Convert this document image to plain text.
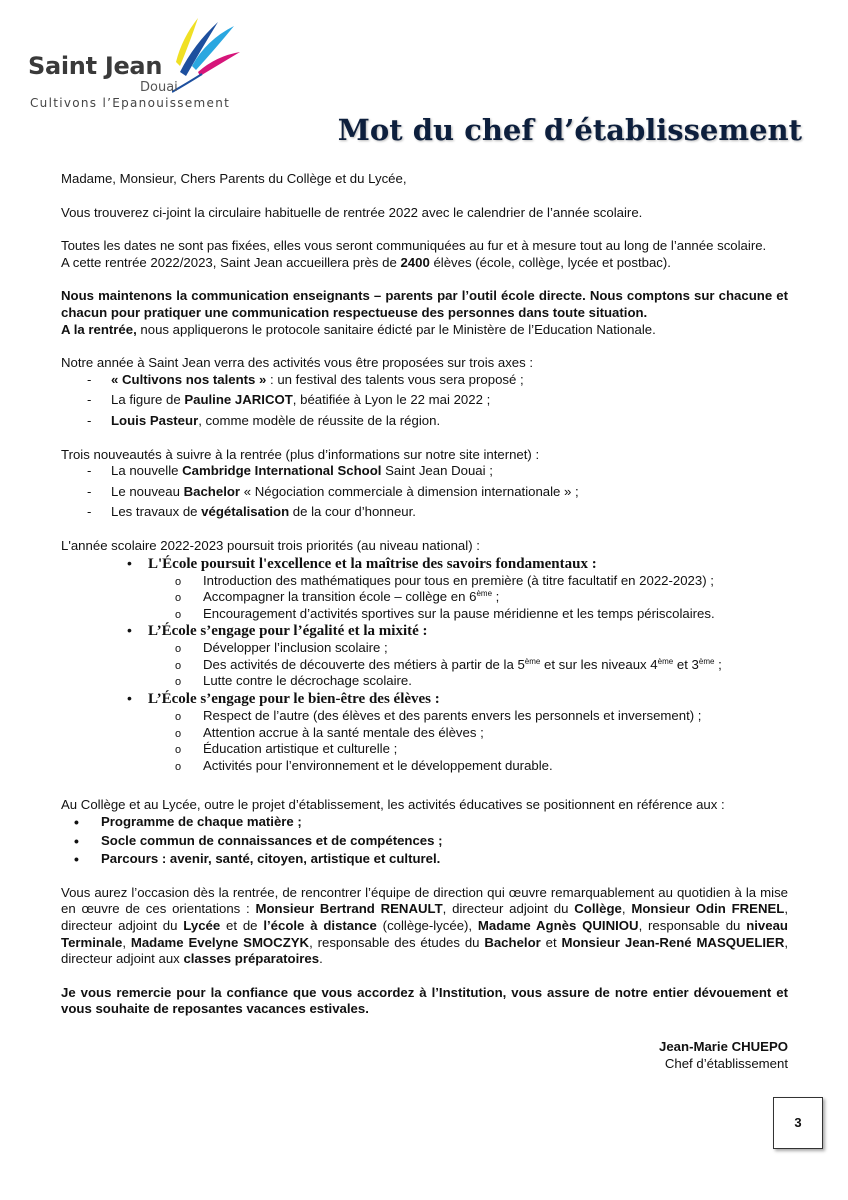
Saint Jean
Douai
Cultivons l’Epanouissement
Mot du chef d’établissement

Madame, Monsieur, Chers Parents du Collège et du Lycée,

Vous trouverez ci-joint la circulaire habituelle de rentrée 2022 avec le calendrier de l’année scolaire.

Toutes les dates ne sont pas fixées, elles vous seront communiquées au fur et à mesure tout au long de l’année scolaire.

A cette rentrée 2022/2023, Saint Jean accueillera près de 2400 élèves (école, collège, lycée et postbac).

Nous maintenons la communication enseignants – parents par l’outil école directe. Nous comptons sur chacune et chacun pour pratiquer une communication respectueuse des personnes dans toute situation.

A la rentrée, nous appliquerons le protocole sanitaire édicté par le Ministère de l’Education Nationale.

Notre année à Saint Jean verra des activités vous être proposées sur trois axes :

- « Cultivons nos talents » : un festival des talents vous sera proposé ;
- La figure de Pauline JARICOT, béatifiée à Lyon le 22 mai 2022 ;
- Louis Pasteur, comme modèle de réussite de la région.

Trois nouveautés à suivre à la rentrée (plus d’informations sur notre site internet) :

- La nouvelle Cambridge International School Saint Jean Douai ;
- Le nouveau Bachelor « Négociation commerciale à dimension internationale » ;
- Les travaux de végétalisation de la cour d’honneur.

L'année scolaire 2022-2023 poursuit trois priorités (au niveau national) :

• L'École poursuit l'excellence et la maîtrise des savoirs fondamentaux :
o Introduction des mathématiques pour tous en première (à titre facultatif en 2022-2023) ;
o Accompagner la transition école – collège en 6ème ;
o Encouragement d’activités sportives sur la pause méridienne et les temps périscolaires.
• L’École s’engage pour l’égalité et la mixité :
o Développer l’inclusion scolaire ;
o Des activités de découverte des métiers à partir de la 5ème et sur les niveaux 4ème et 3ème ;
o Lutte contre le décrochage scolaire.
• L’École s’engage pour le bien-être des élèves :
o Respect de l’autre (des élèves et des parents envers les personnels et inversement) ;
o Attention accrue à la santé mentale des élèves ;
o Éducation artistique et culturelle ;
o Activités pour l’environnement et le développement durable.

Au Collège et au Lycée, outre le projet d’établissement, les activités éducatives se positionnent en référence aux :

• Programme de chaque matière ;
• Socle commun de connaissances et de compétences ;
• Parcours : avenir, santé, citoyen, artistique et culturel.

Vous aurez l’occasion dès la rentrée, de rencontrer l’équipe de direction qui œuvre remarquablement au quotidien à la mise en œuvre de ces orientations : Monsieur Bertrand RENAULT, directeur adjoint du Collège, Monsieur Odin FRENEL, directeur adjoint du Lycée et de l’école à distance (collège-lycée), Madame Agnès QUINIOU, responsable du niveau Terminale, Madame Evelyne SMOCZYK, responsable des études du Bachelor et Monsieur Jean-René MASQUELIER, directeur adjoint aux classes préparatoires.

Je vous remercie pour la confiance que vous accordez à l’Institution, vous assure de notre entier dévouement et vous souhaite de reposantes vacances estivales.

Jean-Marie CHUEPO
Chef d’établissement
3
